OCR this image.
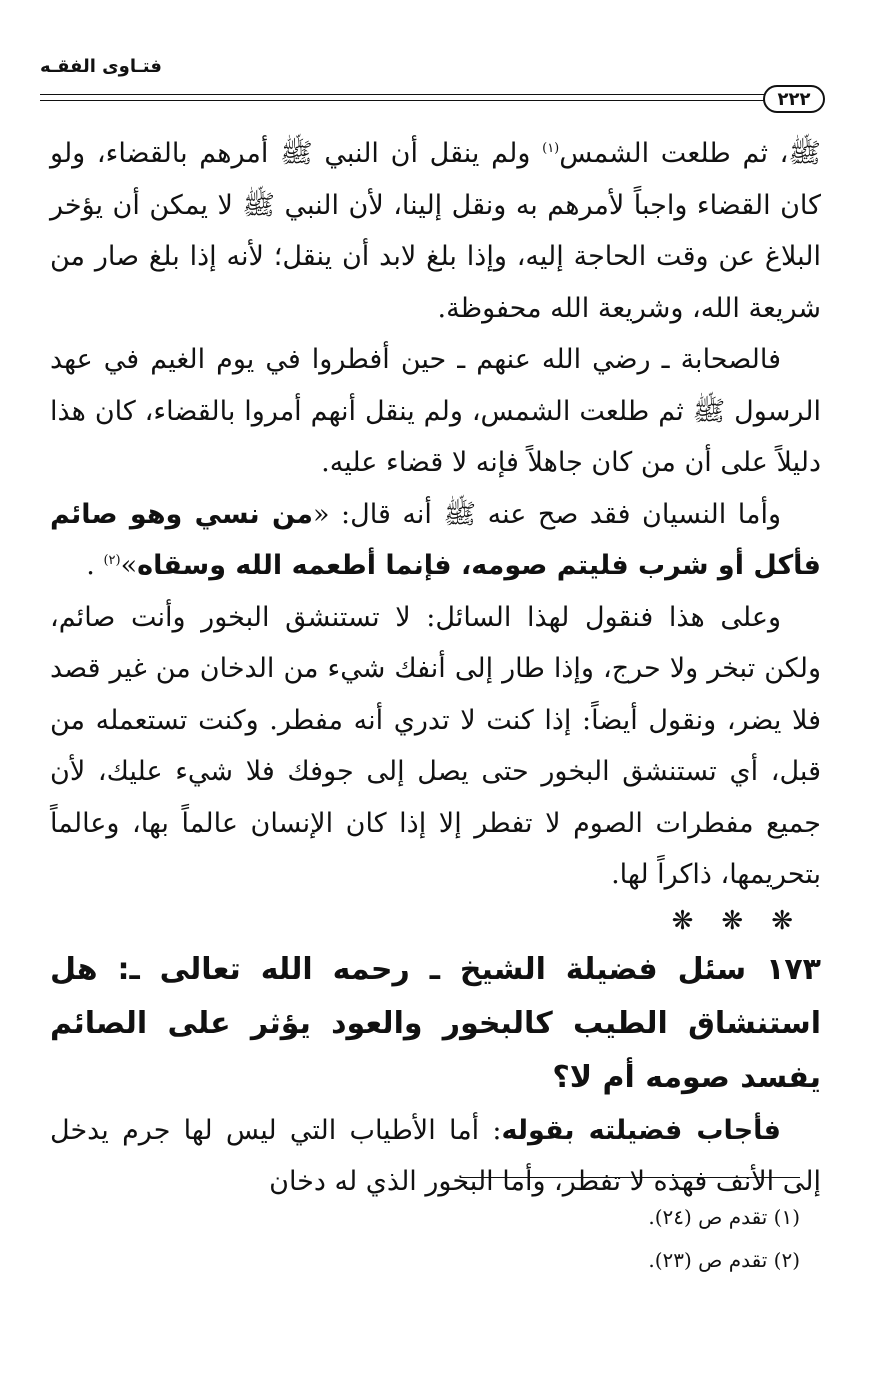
فتـاوى الفقـه
٢٢٢

ﷺ، ثم طلعت الشمس$^{(١)}$ ولم ينقل أن النبي ﷺ أمرهم بالقضاء، ولو كان القضاء واجباً لأمرهم به ونقل إلينا، لأن النبي ﷺ لا يمكن أن يؤخر البلاغ عن وقت الحاجة إليه، وإذا بلغ لابد أن ينقل؛ لأنه إذا بلغ صار من شريعة الله، وشريعة الله محفوظة.

فالصحابة ـ رضي الله عنهم ـ حين أفطروا في يوم الغيم في عهد الرسول ﷺ ثم طلعت الشمس، ولم ينقل أنهم أمروا بالقضاء، كان هذا دليلاً على أن من كان جاهلاً فإنه لا قضاء عليه.

وأما النسيان فقد صح عنه ﷺ أنه قال: «من نسي وهو صائم فأكل أو شرب فليتم صومه، فإنما أطعمه الله وسقاه»$^{(٢)}$ .

وعلى هذا فنقول لهذا السائل: لا تستنشق البخور وأنت صائم، ولكن تبخر ولا حرج، وإذا طار إلى أنفك شيء من الدخان من غير قصد فلا يضر، ونقول أيضاً: إذا كنت لا تدري أنه مفطر. وكنت تستعمله من قبل، أي تستنشق البخور حتى يصل إلى جوفك فلا شيء عليك، لأن جميع مفطرات الصوم لا تفطر إلا إذا كان الإنسان عالماً بها، وعالماً بتحريمها، ذاكراً لها.

❋❋❋

١٧٣ سئل فضيلة الشيخ ـ رحمه الله تعالى ـ: هل استنشاق الطيب كالبخور والعود يؤثر على الصائم يفسد صومه أم لا؟

فأجاب فضيلته بقوله: أما الأطياب التي ليس لها جرم يدخل إلى الأنف فهذه لا تفطر، وأما البخور الذي له دخان

(١) تقدم ص (٢٤).
(٢) تقدم ص (٢٣).
